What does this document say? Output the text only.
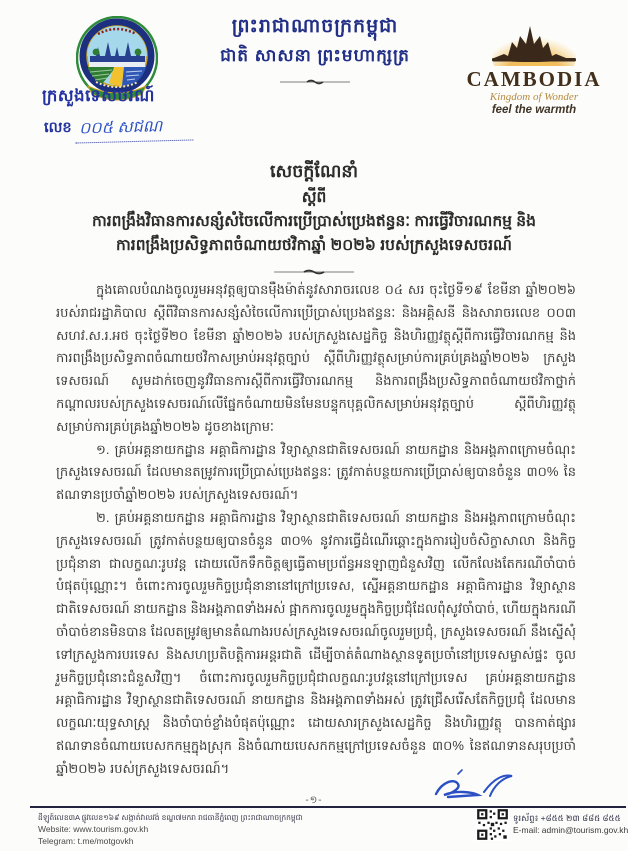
ព្រះរាជាណាចក្រកម្ពុជា
ជាតិ សាសនា ព្រះមហាក្សត្រ
CAMBODIA
Kingdom of Wonder
feel the warmth
ក្រសួងទេសចរណ៍
លេខ ០០៥ សជណ
សេចក្តីណែនាំ
ស្តីពី
ការពង្រឹងវិធានការសន្សំសំចៃលើការប្រើប្រាស់ប្រេងឥន្ធនៈ ការធ្វើវិចារណកម្ម និង
ការពង្រឹងប្រសិទ្ធភាពចំណាយថវិកាឆ្នាំ ២០២៦ របស់ក្រសួងទេសចរណ៍

ក្នុងគោលបំណងចូលរួមអនុវត្តឲ្យបានម៉ឺងម៉ាត់នូវសារាចរលេខ ០៤ សរ ចុះថ្ងៃទី១៩ ខែមីនា ឆ្នាំ២០២៦ របស់រាជរដ្ឋាភិបាល ស្តីពីវិធានការសន្សំសំចៃលើការប្រើប្រាស់ប្រេងឥន្ធនៈ និងអគ្គិសនី និងសារាចរលេខ ០០៣ សហវ.ស.រ.អថ ចុះថ្ងៃទី២០ ខែមីនា ឆ្នាំ២០២៦ របស់ក្រសួងសេដ្ឋកិច្ច និងហិរញ្ញវត្ថុស្តីពីការធ្វើវិចារណកម្ម និងការពង្រឹងប្រសិទ្ធភាពចំណាយថវិកាសម្រាប់អនុវត្តច្បាប់ ស្តីពីហិរញ្ញវត្ថុសម្រាប់ការគ្រប់គ្រងឆ្នាំ២០២៦ ក្រសួងទេសចរណ៍ សូមដាក់ចេញនូវវិធានការស្តីពីការធ្វើវិចារណកម្ម និងការពង្រឹងប្រសិទ្ធភាពចំណាយថវិកាថ្នាក់កណ្តាលរបស់ក្រសួងទេសចរណ៍លើផ្នែកចំណាយមិនមែនបន្ទុកបុគ្គលិកសម្រាប់អនុវត្តច្បាប់ ស្តីពីហិរញ្ញវត្ថុសម្រាប់ការគ្រប់គ្រងឆ្នាំ២០២៦ ដូចខាងក្រោមៈ

១. គ្រប់អគ្គនាយកដ្ឋាន អគ្គាធិការដ្ឋាន វិទ្យាស្ថានជាតិទេសចរណ៍ នាយកដ្ឋាន និងអង្គភាពក្រោមចំណុះក្រសួងទេសចរណ៍ ដែលមានតម្រូវការប្រើប្រាស់ប្រេងឥន្ធនៈ ត្រូវកាត់បន្ថយការប្រើប្រាស់ឲ្យបានចំនួន ៣០% នៃឥណទានប្រចាំឆ្នាំ២០២៦ របស់ក្រសួងទេសចរណ៍។

២. គ្រប់អគ្គនាយកដ្ឋាន អគ្គាធិការដ្ឋាន វិទ្យាស្ថានជាតិទេសចរណ៍ នាយកដ្ឋាន និងអង្គភាពក្រោមចំណុះក្រសួងទេសចរណ៍ ត្រូវកាត់បន្ថយឲ្យបានចំនួន ៣០% នូវការធ្វើដំណើរឆ្ពោះក្នុងការរៀបចំសិក្ខាសាលា និងកិច្ចប្រជុំនានា ជាលក្ខណៈរូបវន្ត ដោយលើកទឹកចិត្តឲ្យធ្វើតាមប្រព័ន្ធអនឡាញជំនួសវិញ លើកលែងតែករណីចាំបាច់បំផុតប៉ុណ្ណោះ។ ចំពោះការចូលរួមកិច្ចប្រជុំនានានៅក្រៅប្រទេស, ស្នើអគ្គនាយកដ្ឋាន អគ្គាធិការដ្ឋាន វិទ្យាស្ថានជាតិទេសចរណ៍ នាយកដ្ឋាន និងអង្គភាពទាំងអស់ ផ្អាកការចូលរួមក្នុងកិច្ចប្រជុំដែលពុំសូវចាំបាច់, ហើយក្នុងករណីចាំបាច់ខានមិនបាន ដែលតម្រូវឲ្យមានតំណាងរបស់ក្រសួងទេសចរណ៍ចូលរួមប្រជុំ, ក្រសួងទេសចរណ៍ នឹងស្នើសុំទៅក្រសួងការបរទេស និងសហប្រតិបត្តិការអន្តរជាតិ ដើម្បីចាត់តំណាងស្ថានទូតប្រចាំនៅប្រទេសម្ចាស់ផ្ទះ ចូលរួមកិច្ចប្រជុំនោះជំនួសវិញ។ ចំពោះការចូលរួមកិច្ចប្រជុំជាលក្ខណៈរូបវន្តនៅក្រៅប្រទេស គ្រប់អគ្គនាយកដ្ឋាន អគ្គាធិការដ្ឋាន វិទ្យាស្ថានជាតិទេសចរណ៍ នាយកដ្ឋាន និងអង្គភាពទាំងអស់ ត្រូវជ្រើសរើសតែកិច្ចប្រជុំ ដែលមានលក្ខណៈយុទ្ធសាស្ត្រ និងចាំបាច់ខ្លាំងបំផុតប៉ុណ្ណោះ ដោយសារក្រសួងសេដ្ឋកិច្ច និងហិរញ្ញវត្ថុ បានកាត់ផ្សារឥណទានចំណាយបេសកកម្មក្នុងស្រុក និងចំណាយបេសកកម្មក្រៅប្រទេសចំនួន ៣០% នៃឥណទានសរុបប្រចាំឆ្នាំ២០២៦ របស់ក្រសួងទេសចរណ៍។

-១-
ដីឡូត៍លេខ៣A ផ្លូវលេខ១៦៩ សង្កាត់វាលវង់ ខណ្ឌ៧មករា រាជធានីភ្នំពេញ ព្រះរាជាណាចក្រកម្ពុជា
Website: www.tourism.gov.kh
Telegram: t.me/motgovkh
ទូរស័ព្ទ៖ +៨៥៥ ២៣ ៨៨៥ ៨៥៥
E-mail: admin@tourism.gov.kh
